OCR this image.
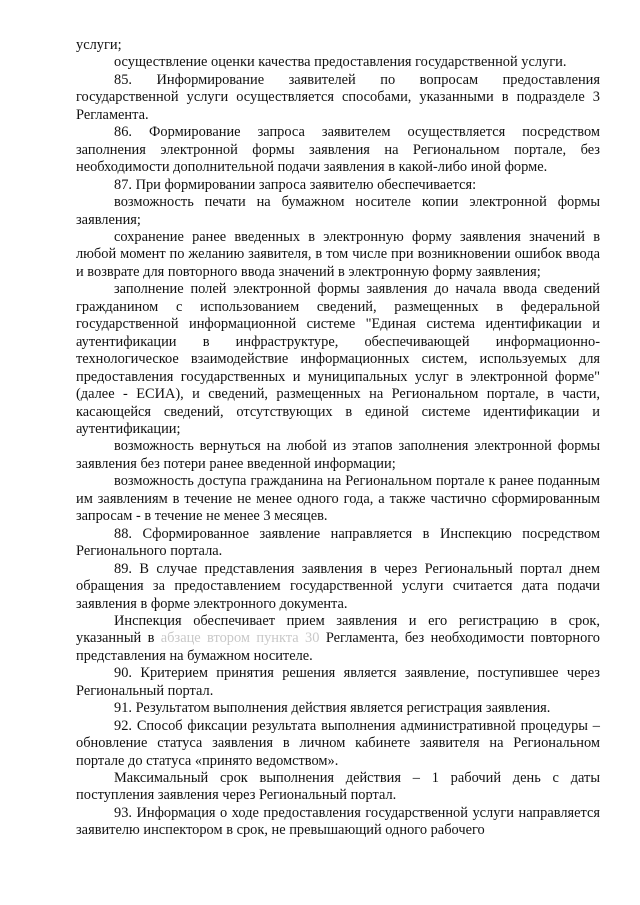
услуги;

осуществление оценки качества предоставления государственной услуги.

85. Информирование заявителей по вопросам предоставления государственной услуги осуществляется способами, указанными в подразделе 3 Регламента.

86. Формирование запроса заявителем осуществляется посредством заполнения электронной формы заявления на Региональном портале, без необходимости дополнительной подачи заявления в какой-либо иной форме.

87. При формировании запроса заявителю обеспечивается:

возможность печати на бумажном носителе копии электронной формы заявления;

сохранение ранее введенных в электронную форму заявления значений в любой момент по желанию заявителя, в том числе при возникновении ошибок ввода и возврате для повторного ввода значений в электронную форму заявления;

заполнение полей электронной формы заявления до начала ввода сведений гражданином с использованием сведений, размещенных в федеральной государственной информационной системе "Единая система идентификации и аутентификации в инфраструктуре, обеспечивающей информационно-технологическое взаимодействие информационных систем, используемых для предоставления государственных и муниципальных услуг в электронной форме" (далее - ЕСИА), и сведений, размещенных на Региональном портале, в части, касающейся сведений, отсутствующих в единой системе идентификации и аутентификации;

возможность вернуться на любой из этапов заполнения электронной формы заявления без потери ранее введенной информации;

возможность доступа гражданина на Региональном портале к ранее поданным им заявлениям в течение не менее одного года, а также частично сформированным запросам - в течение не менее 3 месяцев.

88. Сформированное заявление направляется в Инспекцию посредством Регионального портала.

89. В случае представления заявления в через Региональный портал днем обращения за предоставлением государственной услуги считается дата подачи заявления в форме электронного документа.

Инспекция обеспечивает прием заявления и его регистрацию в срок, указанный в абзаце втором пункта 30 Регламента, без необходимости повторного представления на бумажном носителе.

90. Критерием принятия решения является заявление, поступившее через Региональный портал.

91. Результатом выполнения действия является регистрация заявления.

92. Способ фиксации результата выполнения административной процедуры – обновление статуса заявления в личном кабинете заявителя на Региональном портале до статуса «принято ведомством».

Максимальный срок выполнения действия – 1 рабочий день с даты поступления заявления через Региональный портал.

93. Информация о ходе предоставления государственной услуги направляется заявителю инспектором в срок, не превышающий одного рабочего
